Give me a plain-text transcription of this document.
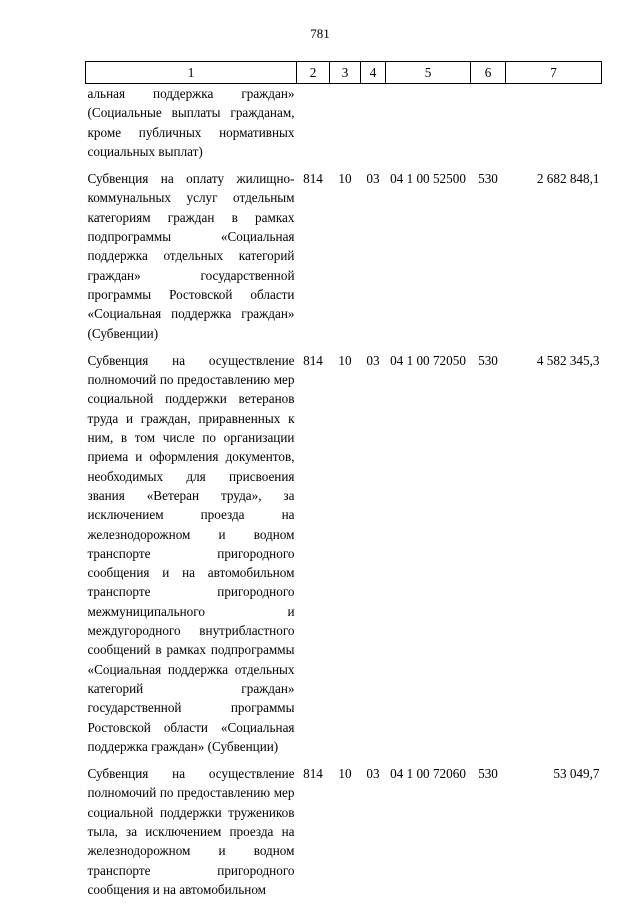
781
1	2	3	4	5	6	7

альная поддержка граждан»
(Социальные выплаты гражданам, кроме публичных нормативных социальных выплат)						
Субвенция на оплату жилищно-коммунальных услуг отдельным категориям граждан в рамках подпрограммы «Социальная поддержка отдельных категорий граждан» государственной программы Ростовской области «Социальная поддержка граждан» (Субвенции)	814	10	03	04 1 00 52500	530	2 682 848,1
Субвенция на осуществление полномочий по предоставлению мер социальной поддержки ветеранов труда и граждан, приравненных к ним, в том числе по организации приема и оформления документов, необходимых для присвоения звания «Ветеран труда», за исключением проезда на железнодорожном и водном транспорте пригородного сообщения и на автомобильном транспорте пригородного межмуниципального и междугородного внутрибластного сообщений в рамках подпрограммы «Социальная поддержка отдельных категорий граждан» государственной программы Ростовской области «Социальная поддержка граждан» (Субвенции)	814	10	03	04 1 00 72050	530	4 582 345,3
Субвенция на осуществление полномочий по предоставлению мер социальной поддержки тружеников тыла, за исключением проезда на железнодорожном и водном транспорте пригородного сообщения и на автомобильном	814	10	03	04 1 00 72060	530	53 049,7
